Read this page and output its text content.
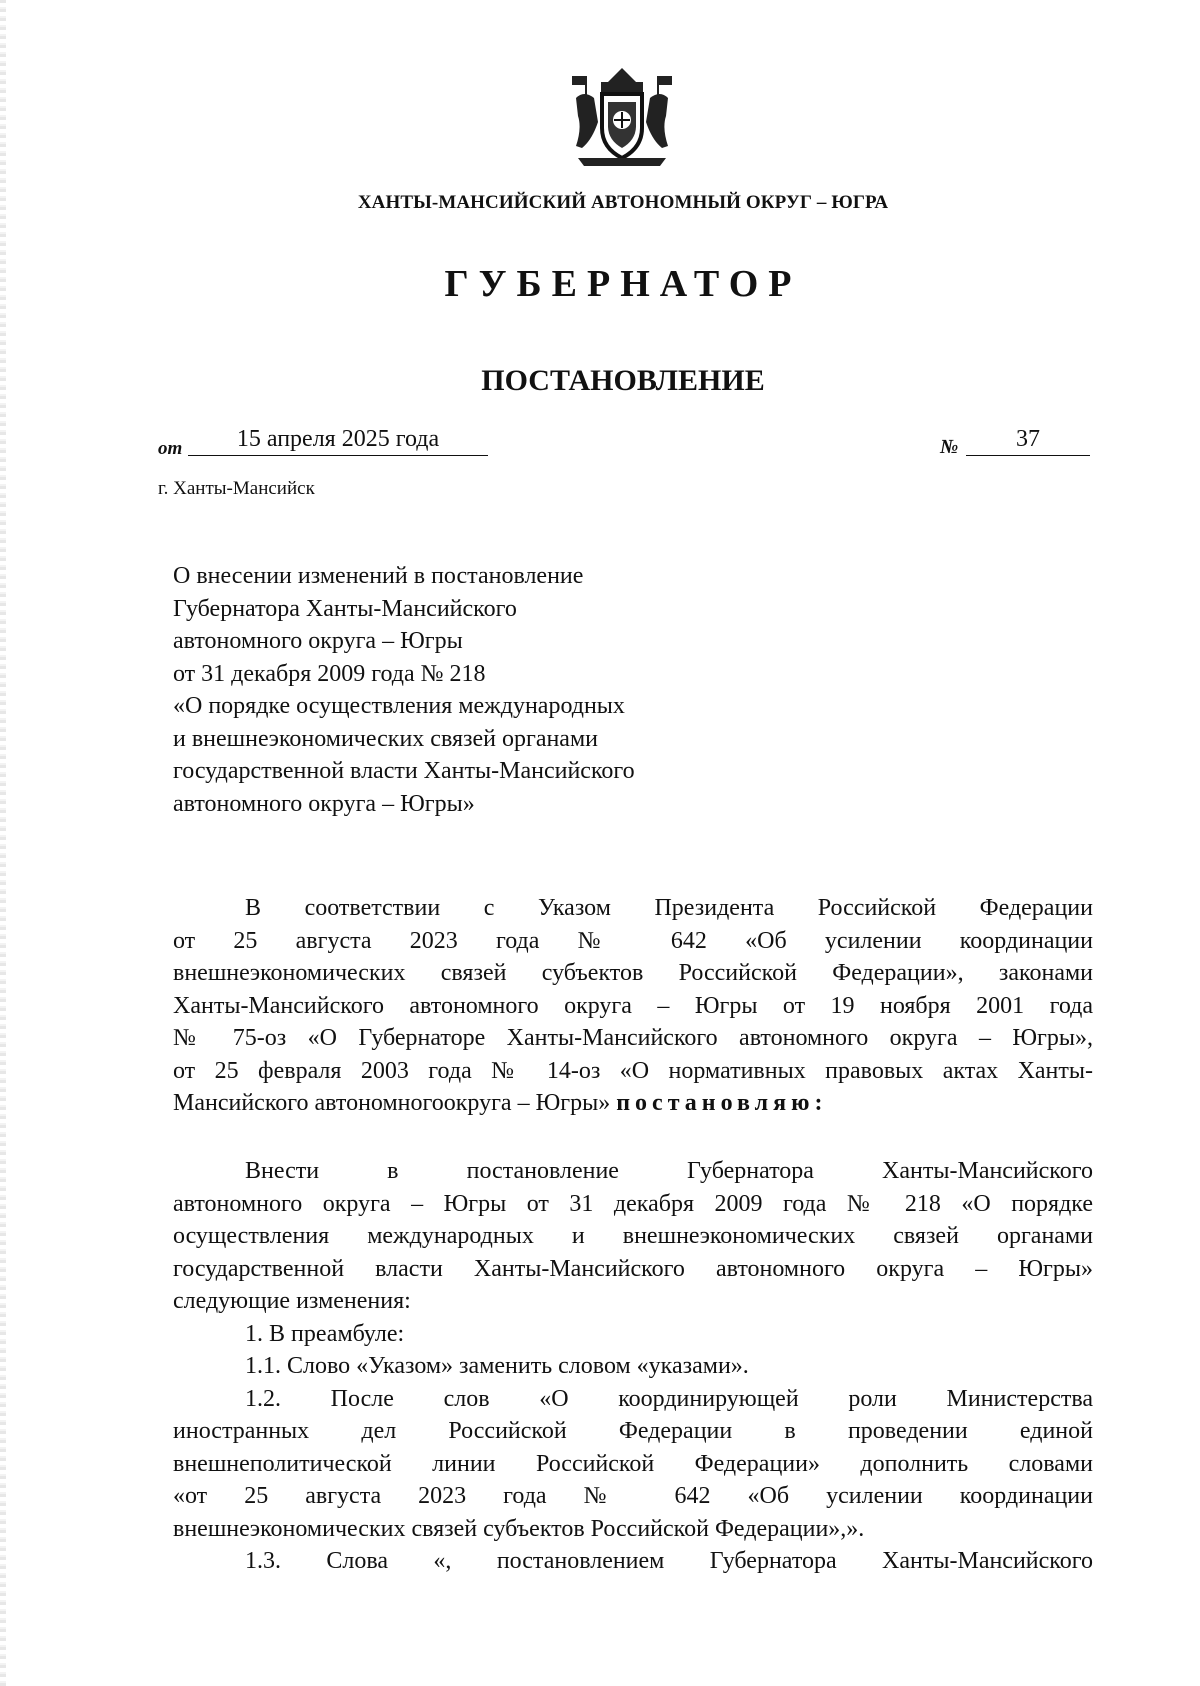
ХАНТЫ-МАНСИЙСКИЙ АВТОНОМНЫЙ ОКРУГ – ЮГРА
ГУБЕРНАТОР
ПОСТАНОВЛЕНИЕ
от	15 апреля 2025 года	№	37
г. Ханты-Мансийск
О внесении изменений в постановление
Губернатора Ханты-Мансийского
автономного округа – Югры
от 31 декабря 2009 года № 218
«О порядке осуществления международных
и внешнеэкономических связей органами
государственной власти Ханты-Мансийского
автономного округа – Югры»
В соответствии с Указом Президента Российской Федерации
от 25 августа 2023 года № 642 «Об усилении координации
внешнеэкономических связей субъектов Российской Федерации», законами
Ханты-Мансийского автономного округа – Югры от 19 ноября 2001 года
№ 75-оз «О Губернаторе Ханты-Мансийского автономного округа – Югры»,
от 25 февраля 2003 года № 14-оз «О нормативных правовых актах Ханты-
Мансийского автономногоокруга – Югры» постановляю:
Внести в постановление Губернатора Ханты-Мансийского
автономного округа – Югры от 31 декабря 2009 года № 218 «О порядке
осуществления международных и внешнеэкономических связей органами
государственной власти Ханты-Мансийского автономного округа – Югры»
следующие изменения:
1. В преамбуле:
1.1. Слово «Указом» заменить словом «указами».
1.2. После слов «О координирующей роли Министерства
иностранных дел Российской Федерации в проведении единой
внешнеполитической линии Российской Федерации» дополнить словами
«от 25 августа 2023 года № 642 «Об усилении координации
внешнеэкономических связей субъектов Российской Федерации»,».
1.3. Слова «, постановлением Губернатора Ханты-Мансийского
